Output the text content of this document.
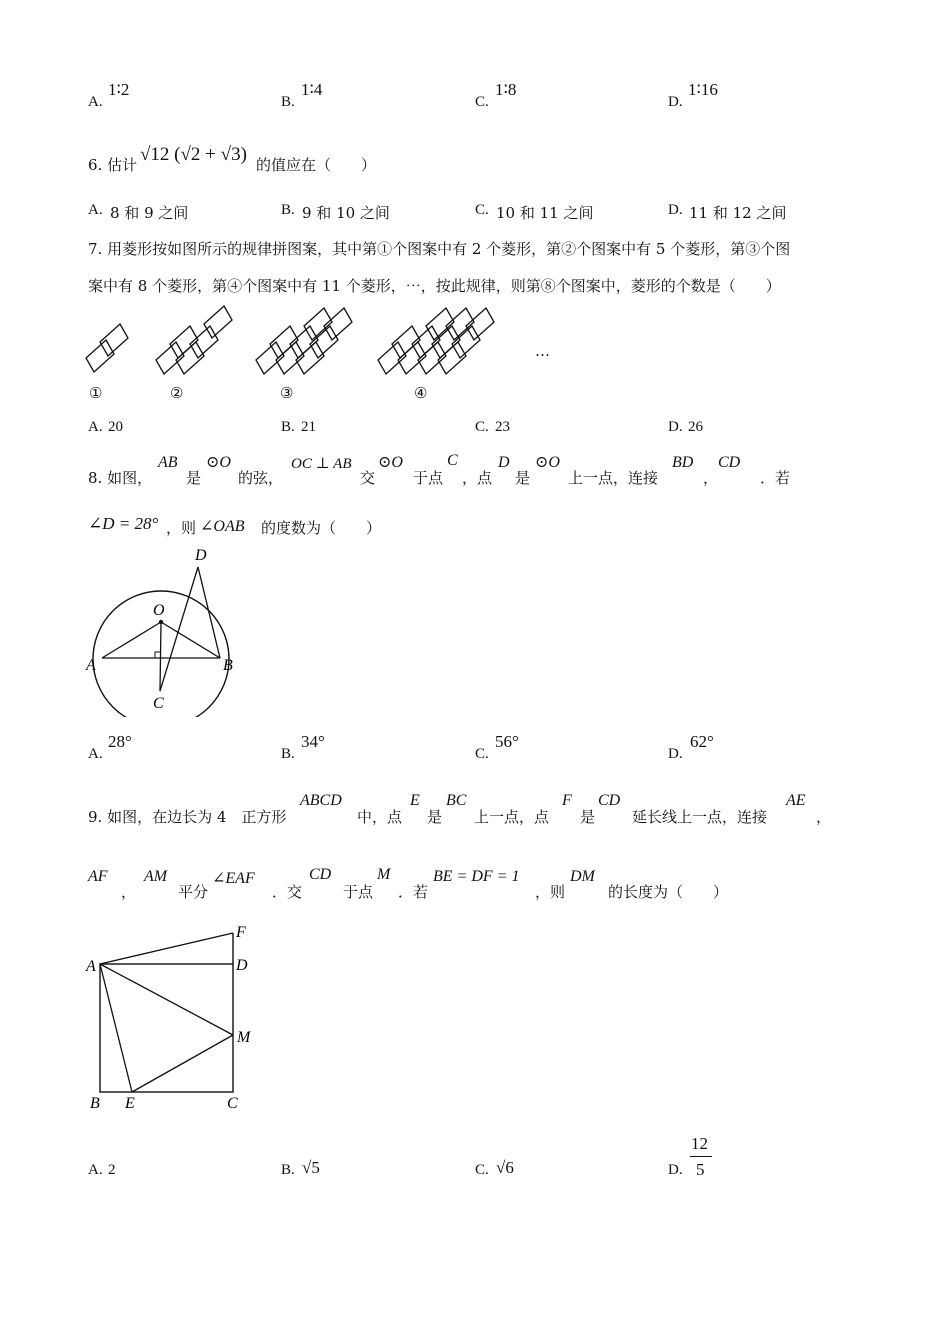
A.
1∶2
B.
1∶4
C.
1∶8
D.
1∶16
6. 估计 √12 (√2 + √3) 的值应在（　　）
A. 8 和 9 之间	B. 9 和 10 之间	C. 10 和 11 之间	D. 11 和 12 之间
7. 用菱形按如图所示的规律拼图案，其中第①个图案中有 2 个菱形，第②个图案中有 5 个菱形，第③个图
案中有 8 个菱形，第④个图案中有 11 个菱形，⋯，按此规律，则第⑧个图案中，菱形的个数是（　　）
①	②	③	④
…
A. 20	B. 21	C. 23	D. 26
8. 如图，
AB
是
⊙O
的弦，
OC ⊥ AB
交
⊙O
于点
C
，点
D
是
⊙O
上一点，连接
BD
，
CD
．若
∠D = 28° ，则 ∠OAB 的度数为（　　）
D
O
A	B
C
A.
28°
B.
34°
C.
56°
D.
62°
9. 如图，在边长为 4　正方形
ABCD
中，点
E
是
BC
上一点，点
F
是
CD
延长线上一点，连接
AE
，
AF
，
AM
平分
∠EAF
．交
CD
于点
M
．若
BE = DF = 1
，则
DM
的长度为（　　）
F
A	D
M
B E	C
A. 2	B. √5	C. √6	D.
12
5
